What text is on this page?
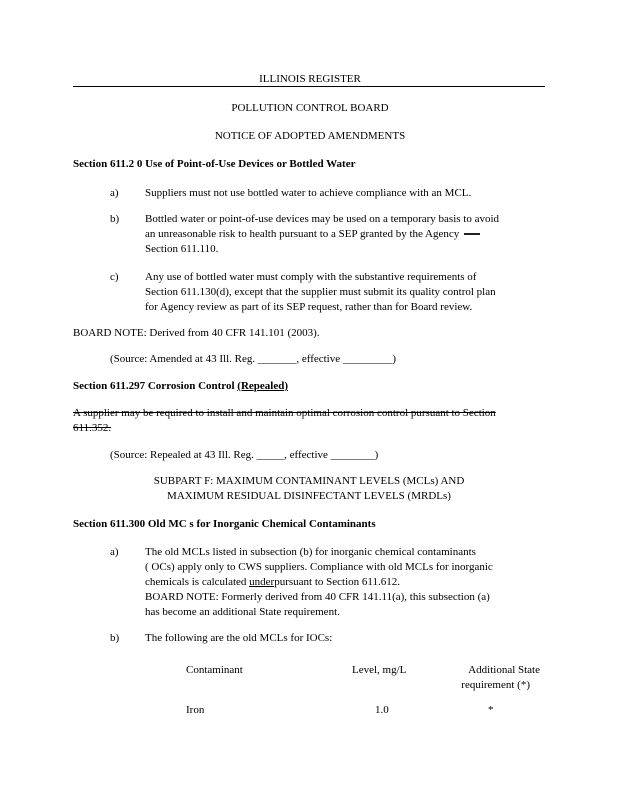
ILLINOIS REGISTER
POLLUTION CONTROL BOARD
NOTICE OF ADOPTED AMENDMENTS
Section 611.2 0 Use of Point-of-Use Devices or Bottled Water
a) Suppliers must not use bottled water to achieve compliance with an MCL.
b) Bottled water or point-of-use devices may be used on a temporary basis to avoid
an unreasonable risk to health pursuant to a SEP granted by the Agency
Section 611.110.
c) Any use of bottled water must comply with the substantive requirements of
Section 611.130(d), except that the supplier must submit its quality control plan
for Agency review as part of its SEP request, rather than for Board review.
BOARD NOTE: Derived from 40 CFR 141.101 (2003).
(Source: Amended at 43 Ill. Reg. _______, effective _________)
Section 611.297 Corrosion Control (Repealed)
A supplier may be required to install and maintain optimal corrosion control pursuant to Section
611.352.
(Source: Repealed at 43 Ill. Reg. _____, effective ________)
SUBPART F: MAXIMUM CONTAMINANT LEVELS (MCLs) AND
MAXIMUM RESIDUAL DISINFECTANT LEVELS (MRDLs)
Section 611.300 Old MC s for Inorganic Chemical Contaminants
a) The old MCLs listed in subsection (b) for inorganic chemical contaminants
( OCs) apply only to CWS suppliers. Compliance with old MCLs for inorganic
chemicals is calculated underpursuant to Section 611.612.
BOARD NOTE: Formerly derived from 40 CFR 141.11(a), this subsection (a)
has become an additional State requirement.
b) The following are the old MCLs for IOCs:
Contaminant	Level, mg/L	Additional State
requirement (*)
Iron	1.0	*
